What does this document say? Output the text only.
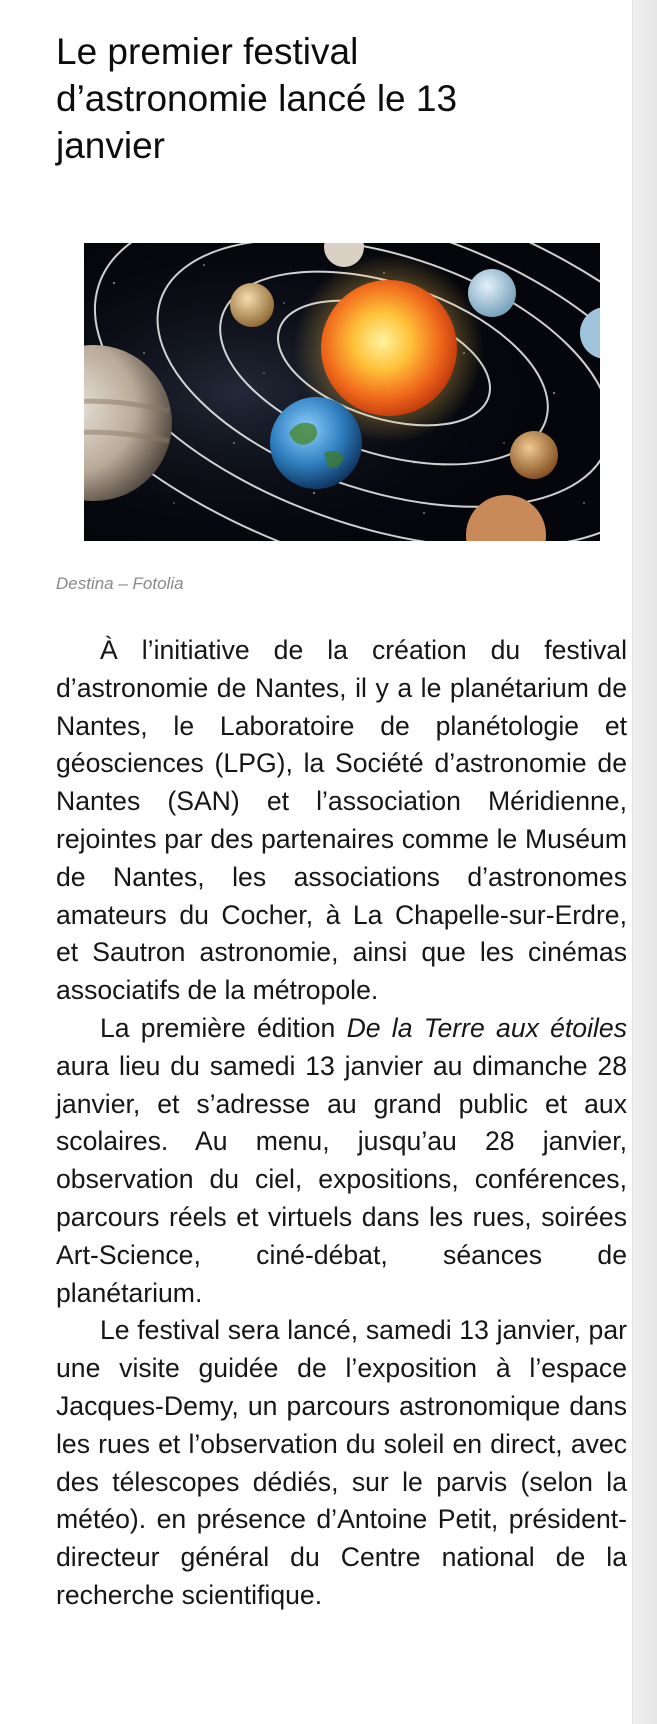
Le premier festival d’astronomie lancé le 13 janvier
Destina – Fotolia

À l’initiative de la création du festival d’astronomie de Nantes, il y a le planétarium de Nantes, le Laboratoire de planétologie et géosciences (LPG), la Société d’astronomie de Nantes (SAN) et l’association Méridienne, rejointes par des partenaires comme le Muséum de Nantes, les associations d’astronomes amateurs du Cocher, à La Chapelle-sur-Erdre, et Sautron astronomie, ainsi que les cinémas associatifs de la métropole.

La première édition De la Terre aux étoiles aura lieu du samedi 13 janvier au dimanche 28 janvier, et s’adresse au grand public et aux scolaires. Au menu, jusqu’au 28 janvier, observation du ciel, expositions, conférences, parcours réels et virtuels dans les rues, soirées Art-Science, ciné-débat, séances de planétarium.

Le festival sera lancé, samedi 13 janvier, par une visite guidée de l’exposition à l’espace Jacques-Demy, un parcours astronomique dans les rues et l’observation du soleil en direct, avec des télescopes dédiés, sur le parvis (selon la météo). en présence d’Antoine Petit, président-directeur général du Centre national de la recherche scientifique.
